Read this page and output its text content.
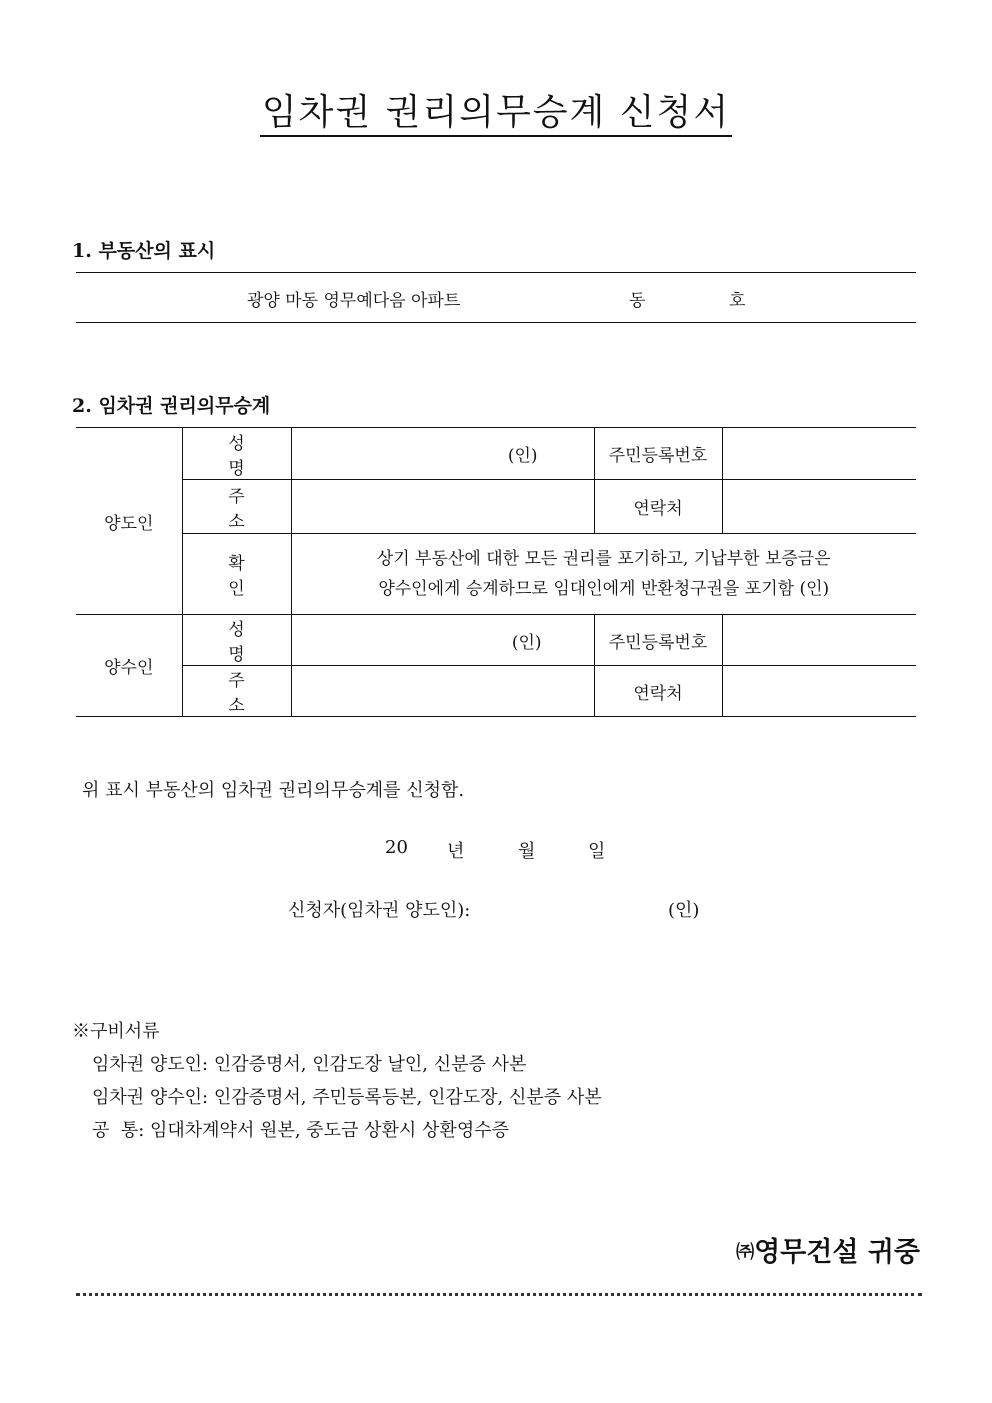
임차권 권리의무승계 신청서
1. 부동산의 표시
광양 마동 영무예다음 아파트	동	호
2. 임차권 권리의무승계
양도인	성 명	(인)	주민등록번호	
	주 소		연락처	
	확 인	상기 부동산에 대한 모든 권리를 포기하고, 기납부한 보증금은
양수인에게 승계하므로 임대인에게 반환청구권을 포기함 (인)		

양수인	성 명	(인)	주민등록번호	
	주 소		연락처	
위 표시 부동산의 임차권 권리의무승계를 신청함.
20 년	월	일
신청자(임차권 양도인):	(인)
※구비서류
임차권 양도인: 인감증명서, 인감도장 날인, 신분증 사본
임차권 양수인: 인감증명서, 주민등록등본, 인감도장, 신분증 사본
공  통: 임대차계약서 원본, 중도금 상환시 상환영수증
㈜영무건설 귀중
